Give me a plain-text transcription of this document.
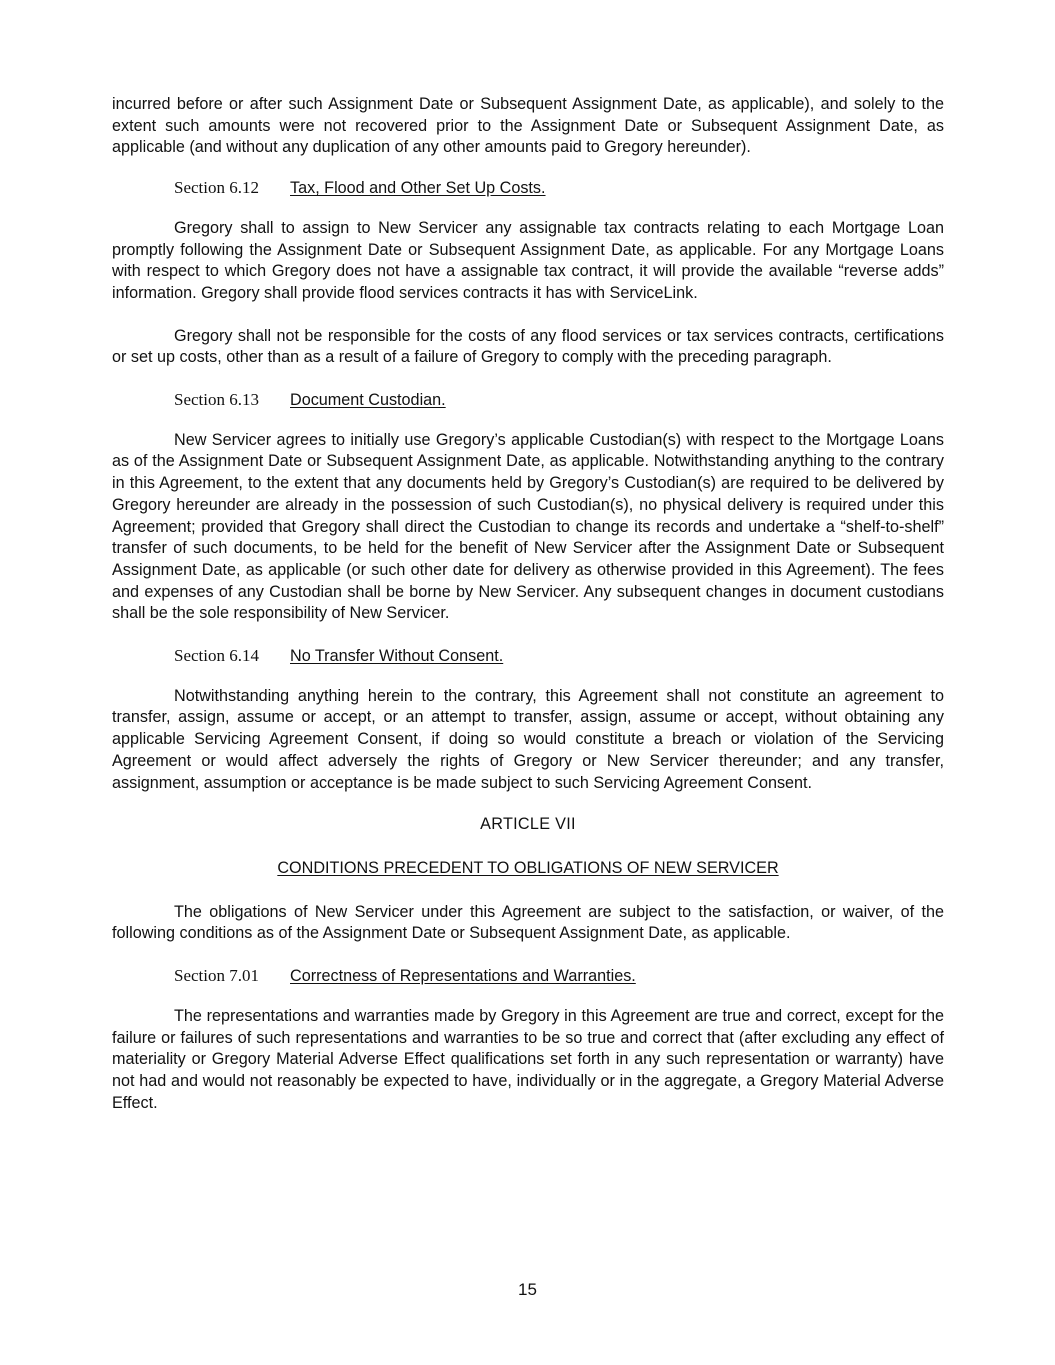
incurred before or after such Assignment Date or Subsequent Assignment Date, as applicable), and solely to the extent such amounts were not recovered prior to the Assignment Date or Subsequent Assignment Date, as applicable (and without any duplication of any other amounts paid to Gregory hereunder).

Section 6.12 Tax, Flood and Other Set Up Costs.

Gregory shall to assign to New Servicer any assignable tax contracts relating to each Mortgage Loan promptly following the Assignment Date or Subsequent Assignment Date, as applicable. For any Mortgage Loans with respect to which Gregory does not have a assignable tax contract, it will provide the available “reverse adds” information. Gregory shall provide flood services contracts it has with ServiceLink.

Gregory shall not be responsible for the costs of any flood services or tax services contracts, certifications or set up costs, other than as a result of a failure of Gregory to comply with the preceding paragraph.

Section 6.13 Document Custodian.

New Servicer agrees to initially use Gregory’s applicable Custodian(s) with respect to the Mortgage Loans as of the Assignment Date or Subsequent Assignment Date, as applicable. Notwithstanding anything to the contrary in this Agreement, to the extent that any documents held by Gregory’s Custodian(s) are required to be delivered by Gregory hereunder are already in the possession of such Custodian(s), no physical delivery is required under this Agreement; provided that Gregory shall direct the Custodian to change its records and undertake a “shelf-to-shelf” transfer of such documents, to be held for the benefit of New Servicer after the Assignment Date or Subsequent Assignment Date, as applicable (or such other date for delivery as otherwise provided in this Agreement). The fees and expenses of any Custodian shall be borne by New Servicer. Any subsequent changes in document custodians shall be the sole responsibility of New Servicer.

Section 6.14 No Transfer Without Consent.

Notwithstanding anything herein to the contrary, this Agreement shall not constitute an agreement to transfer, assign, assume or accept, or an attempt to transfer, assign, assume or accept, without obtaining any applicable Servicing Agreement Consent, if doing so would constitute a breach or violation of the Servicing Agreement or would affect adversely the rights of Gregory or New Servicer thereunder; and any transfer, assignment, assumption or acceptance is be made subject to such Servicing Agreement Consent.

ARTICLE VII

CONDITIONS PRECEDENT TO OBLIGATIONS OF NEW SERVICER

The obligations of New Servicer under this Agreement are subject to the satisfaction, or waiver, of the following conditions as of the Assignment Date or Subsequent Assignment Date, as applicable.

Section 7.01 Correctness of Representations and Warranties.

The representations and warranties made by Gregory in this Agreement are true and correct, except for the failure or failures of such representations and warranties to be so true and correct that (after excluding any effect of materiality or Gregory Material Adverse Effect qualifications set forth in any such representation or warranty) have not had and would not reasonably be expected to have, individually or in the aggregate, a Gregory Material Adverse Effect.

15
